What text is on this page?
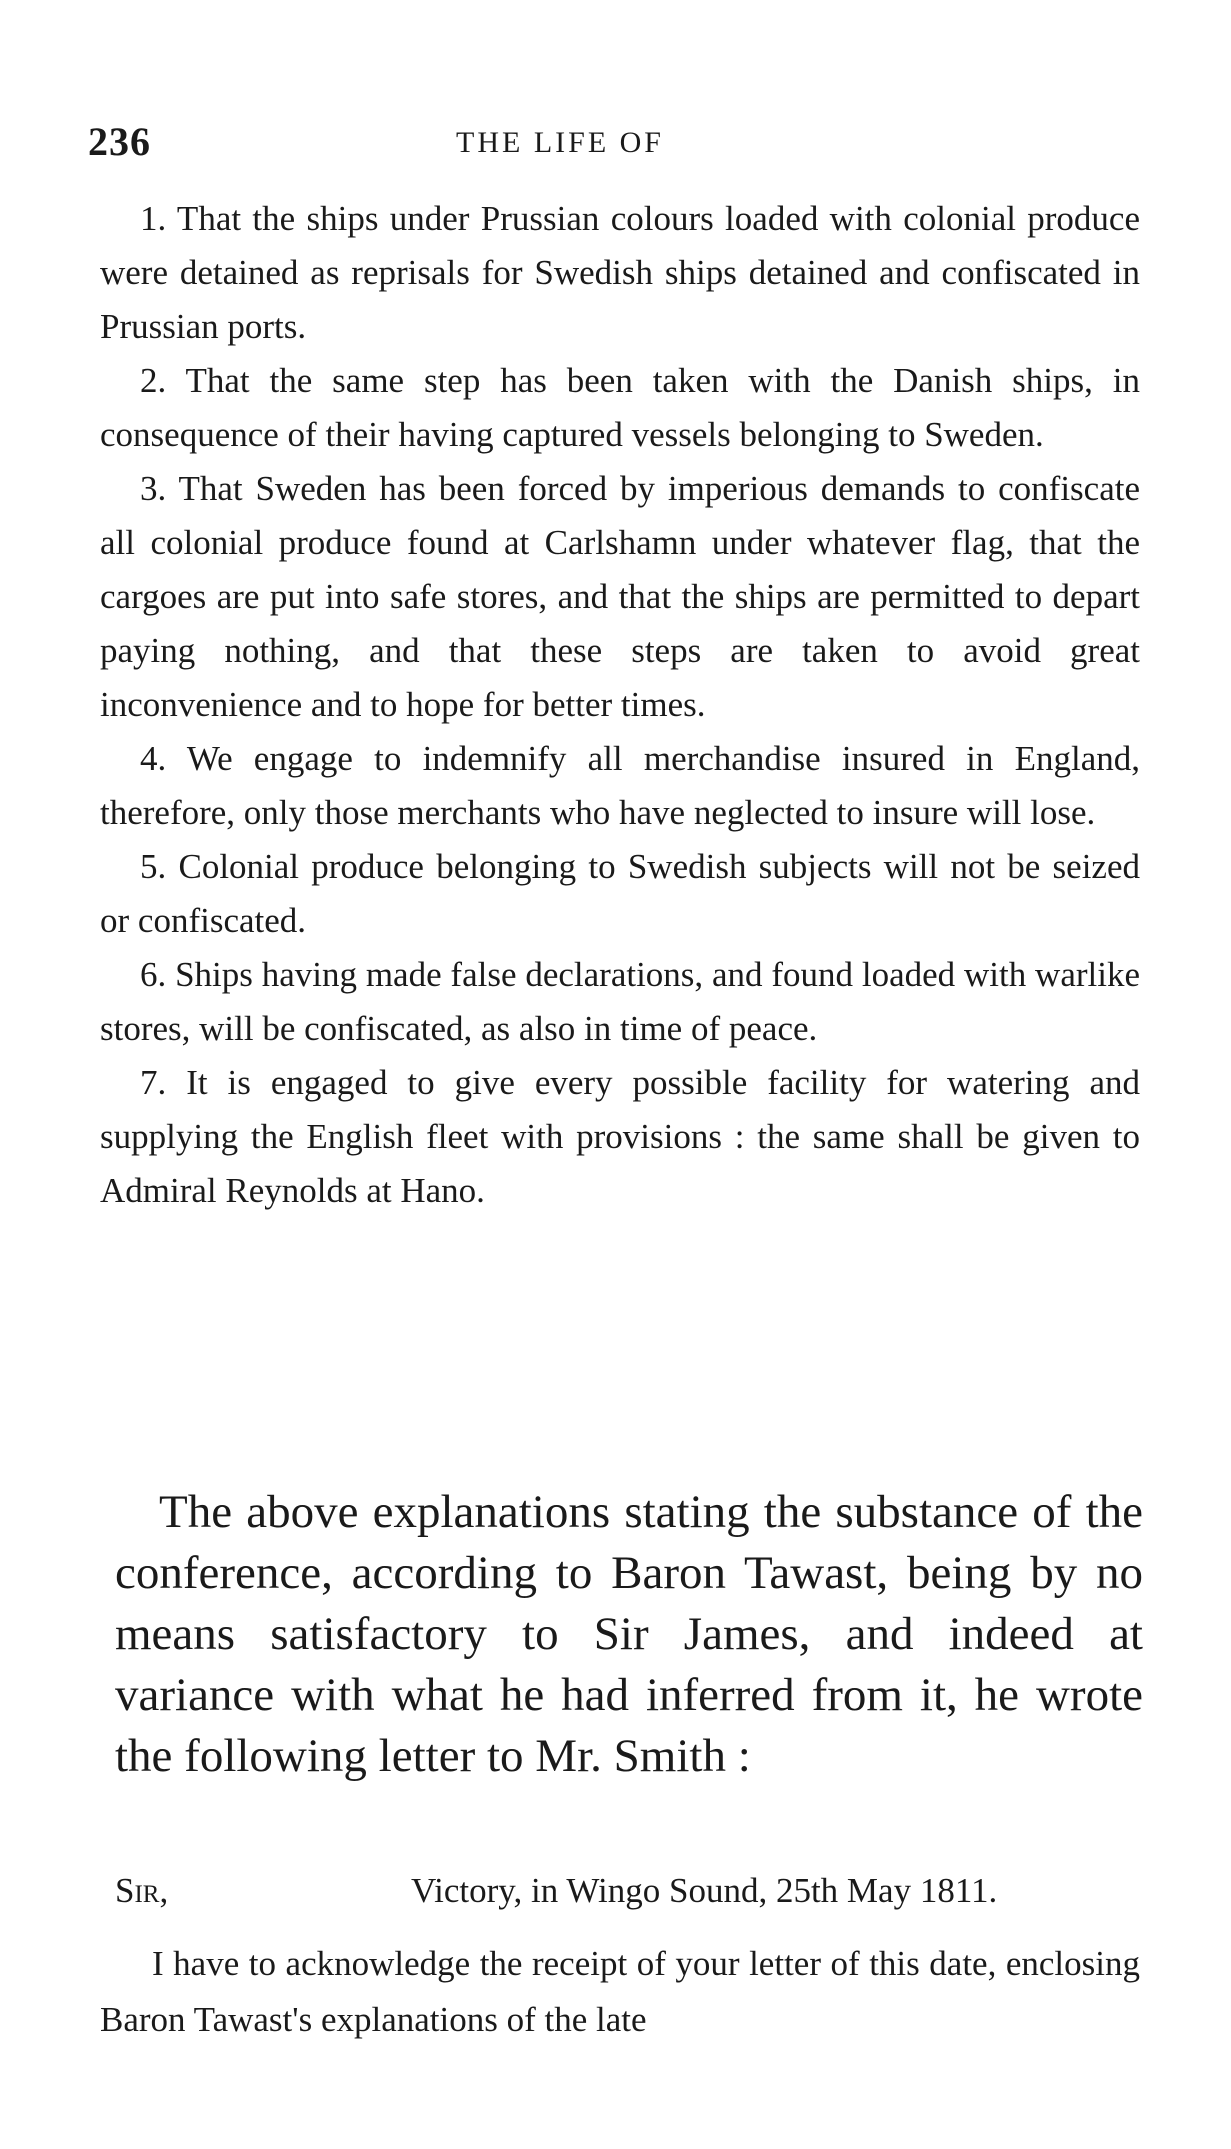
236	THE LIFE OF

1. That the ships under Prussian colours loaded with colonial produce were detained as reprisals for Swedish ships detained and confiscated in Prussian ports.

2. That the same step has been taken with the Danish ships, in consequence of their having captured vessels belonging to Sweden.

3. That Sweden has been forced by imperious demands to confiscate all colonial produce found at Carlshamn under whatever flag, that the cargoes are put into safe stores, and that the ships are permitted to depart paying nothing, and that these steps are taken to avoid great inconvenience and to hope for better times.

4. We engage to indemnify all merchandise insured in England, therefore, only those merchants who have neglected to insure will lose.

5. Colonial produce belonging to Swedish subjects will not be seized or confiscated.

6. Ships having made false declarations, and found loaded with warlike stores, will be confiscated, as also in time of peace.

7. It is engaged to give every possible facility for watering and supplying the English fleet with provisions : the same shall be given to Admiral Reynolds at Hano.

The above explanations stating the substance of the conference, according to Baron Tawast, being by no means satisfactory to Sir James, and indeed at variance with what he had inferred from it, he wrote the following letter to Mr. Smith :

Sir,	Victory, in Wingo Sound, 25th May 1811.

I have to acknowledge the receipt of your letter of this date, enclosing Baron Tawast's explanations of the late
